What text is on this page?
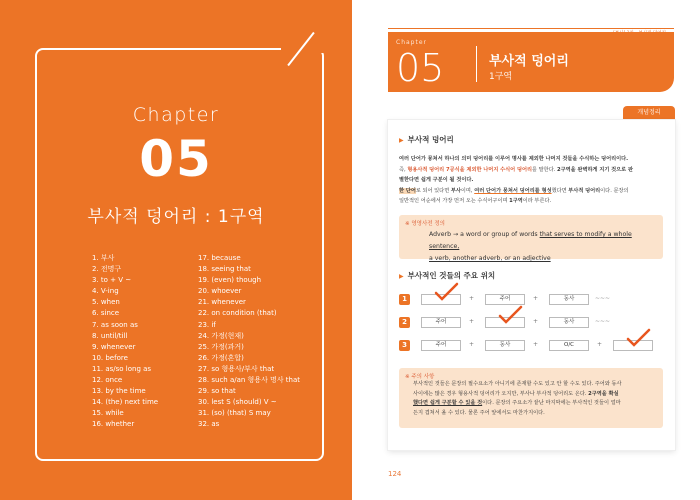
Chapter
05
부사적 덩어리 : 1구역
1. 부사
2. 전명구
3. to + V ~
4. V-ing
5. when
6. since
7. as soon as
8. until/till
9. whenever
10. before
11. as/so long as
12. once
13. by the time
14. (the) next time
15. while
16. whether
17. because
18. seeing that
19. (even) though
20. whoever
21. whenever
22. on condition (that)
23. if
24. 가정(현재)
25. 가정(과거)
26. 가정(혼합)
27. so 형용사/부사 that
28. such a/an 형용사 명사 that
29. so that
30. lest S (should) V ~
31. (so) (that) S may
32. as
Chapter
05	부사적 덩어리
1구역
개념정리
▶ 부사적 덩어리
여러 단어가 뭉쳐서 하나의 의미 덩어리를 이루어 명사를 제외한 나머지 것들을 수식하는 덩어리이다.
즉, 형용사적 덩어리 7공식을 제외한 나머지 수식어 덩어리를 말한다. 2구역을 완벽하게 지기 것으로 판
별한다면 쉽게 구분이 될 것이다.
한 단어로 되어 있다면 부사이며, 여러 단어가 뭉쳐서 덩어리를 형성했다면 부사적 덩어리이다. 문장의
일반적인 어순에서 가장 먼저 오는 수식어구이며 1구역이라 부른다.
※ 영영사전 정의
Adverb → a word or group of words that serves to modify a whole sentence,
a verb, another adverb, or an adjective
▶ 부사적인 것들의 주요 위치
1	+	주어	+	동사	~~~
2	주어	+	+	동사	~~~
3	주어	+	동사	+	O/C	+
※ 주의 사항
부사적인 것들은 문장의 필수요소가 아니기에 존재할 수도 있고 안 할 수도 있다. 주어와 동사
사이에는 많은 경우 형용사적 덩어리가 오지만, 부사나 부사적 덩어리도 온다. 2구역을 확실
했다면 쉽게 구분할 수 있을 것이다. 문장의 주요소가 끝난 마지막에는 부사적인 것들이 얼마
든지 겹쳐서 올 수 있다. 물론 주어 앞에서도 마찬가지이다.
124
